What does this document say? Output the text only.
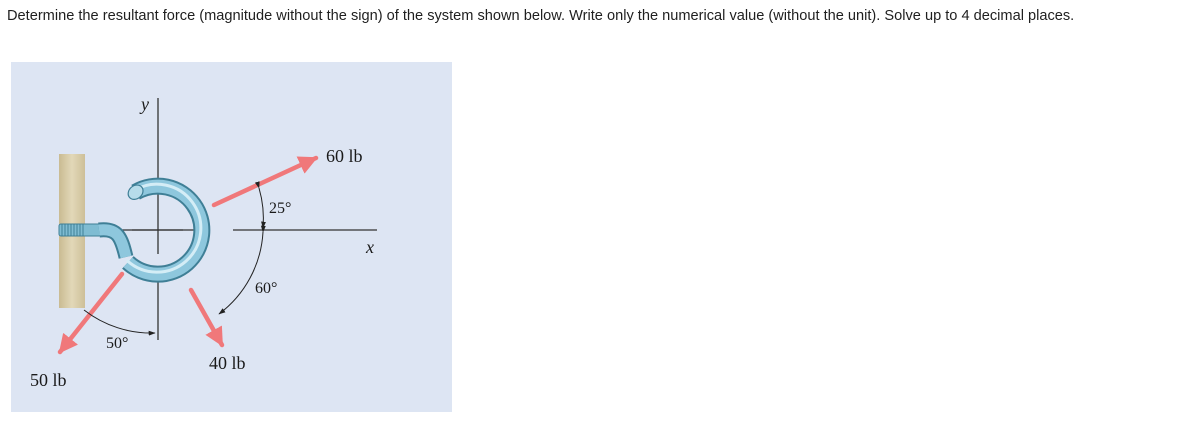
Determine the resultant force (magnitude without the sign) of the system shown below. Write only the numerical value (without the unit). Solve up to 4 decimal places.
y
x
60 lb
40 lb
50 lb
25°
60°
50°
